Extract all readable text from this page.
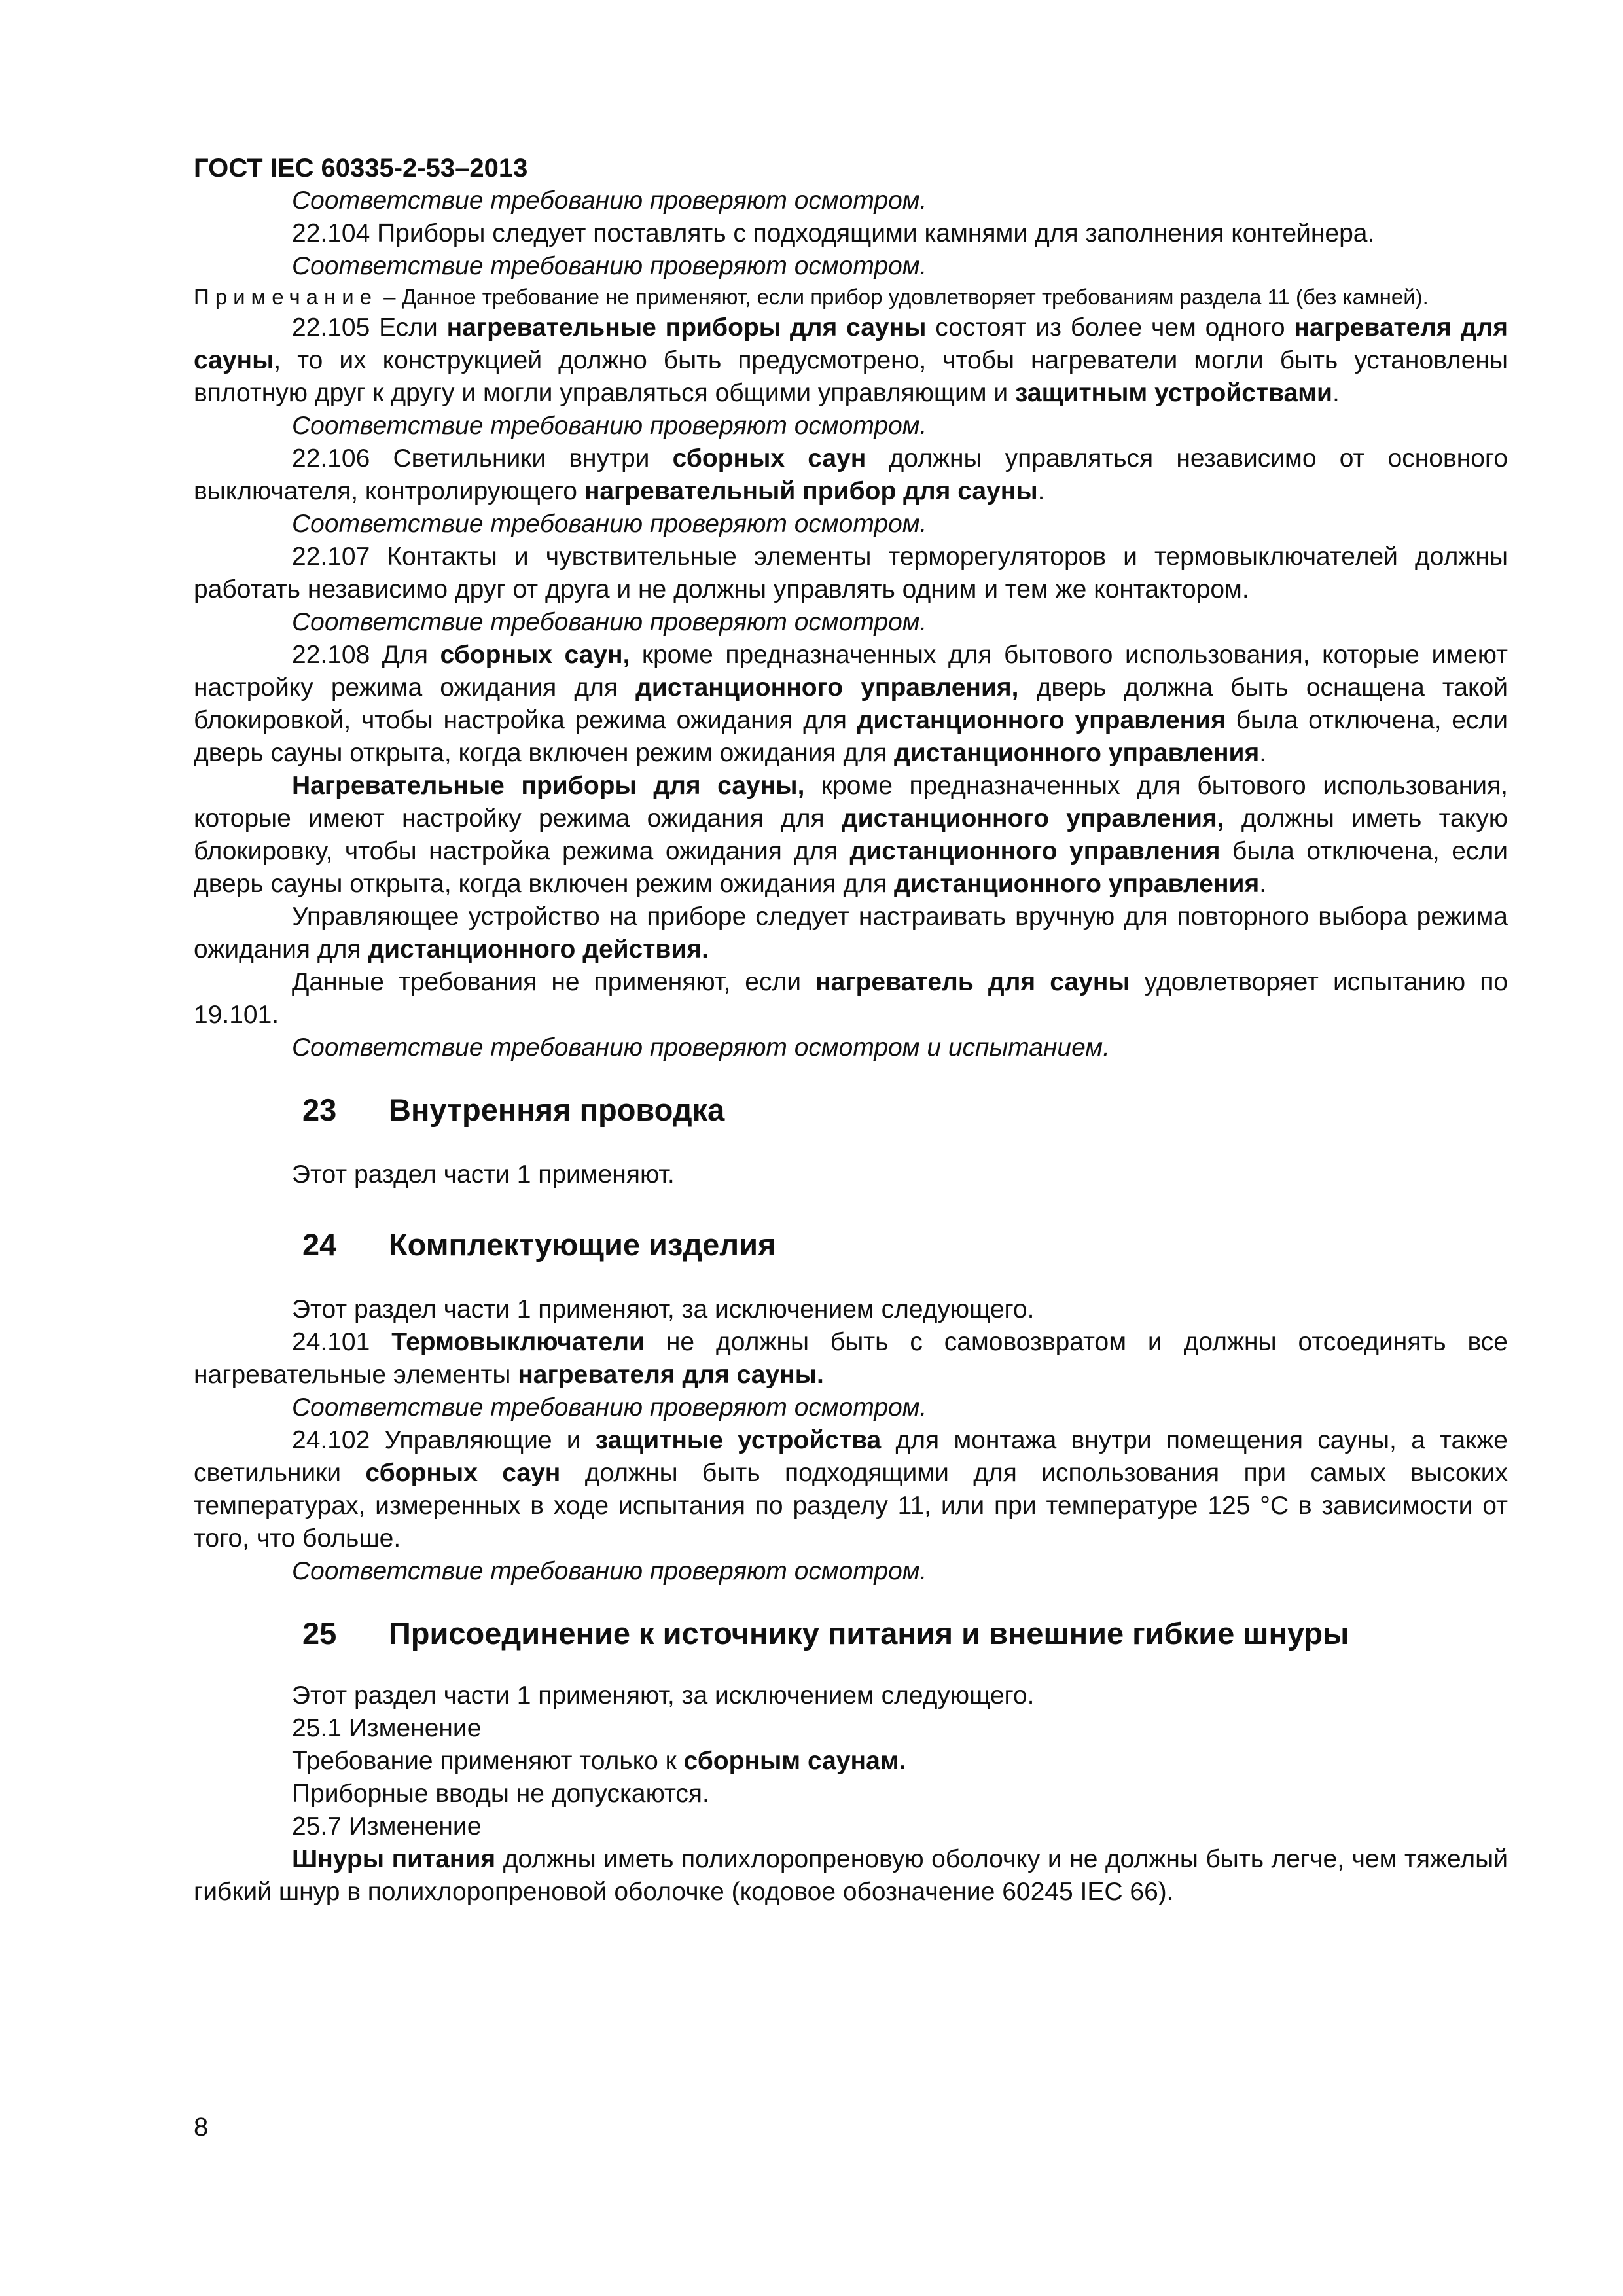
ГОСТ IEC 60335-2-53–2013

Соответствие требованию проверяют осмотром.

22.104 Приборы следует поставлять с подходящими камнями для заполнения контейнера.

Соответствие требованию проверяют осмотром.

Примечание – Данное требование не применяют, если прибор удовлетворяет требованиям раздела 11 (без камней).

22.105 Если нагревательные приборы для сауны состоят из более чем одного нагревателя для сауны, то их конструкцией должно быть предусмотрено, чтобы нагреватели могли быть установлены вплотную друг к другу и могли управляться общими управляющим и защитным устройствами.

Соответствие требованию проверяют осмотром.

22.106 Светильники внутри сборных саун должны управляться независимо от основного выключателя, контролирующего нагревательный прибор для сауны.

Соответствие требованию проверяют осмотром.

22.107 Контакты и чувствительные элементы терморегуляторов и термовыключателей должны работать независимо друг от друга и не должны управлять одним и тем же контактором.

Соответствие требованию проверяют осмотром.

22.108 Для сборных саун, кроме предназначенных для бытового использования, которые имеют настройку режима ожидания для дистанционного управления, дверь должна быть оснащена такой блокировкой, чтобы настройка режима ожидания для дистанционного управления была отключена, если дверь сауны открыта, когда включен режим ожидания для дистанционного управления.

Нагревательные приборы для сауны, кроме предназначенных для бытового использования, которые имеют настройку режима ожидания для дистанционного управления, должны иметь такую блокировку, чтобы настройка режима ожидания для дистанционного управления была отключена, если дверь сауны открыта, когда включен режим ожидания для дистанционного управления.

Управляющее устройство на приборе следует настраивать вручную для повторного выбора режима ожидания для дистанционного действия.

Данные требования не применяют, если нагреватель для сауны удовлетворяет испытанию по 19.101.

Соответствие требованию проверяют осмотром и испытанием.

23 Внутренняя проводка

Этот раздел части 1 применяют.

24 Комплектующие изделия

Этот раздел части 1 применяют, за исключением следующего.

24.101 Термовыключатели не должны быть с самовозвратом и должны отсоединять все нагревательные элементы нагревателя для сауны.

Соответствие требованию проверяют осмотром.

24.102 Управляющие и защитные устройства для монтажа внутри помещения сауны, а также светильники сборных саун должны быть подходящими для использования при самых высоких температурах, измеренных в ходе испытания по разделу 11, или при температуре 125 °С в зависимости от того, что больше.

Соответствие требованию проверяют осмотром.

25 Присоединение к источнику питания и внешние гибкие шнуры

Этот раздел части 1 применяют, за исключением следующего.

25.1 Изменение

Требование применяют только к сборным саунам.

Приборные вводы не допускаются.

25.7 Изменение

Шнуры питания должны иметь полихлоропреновую оболочку и не должны быть легче, чем тяжелый гибкий шнур в полихлоропреновой оболочке (кодовое обозначение 60245 IEC 66).

8
